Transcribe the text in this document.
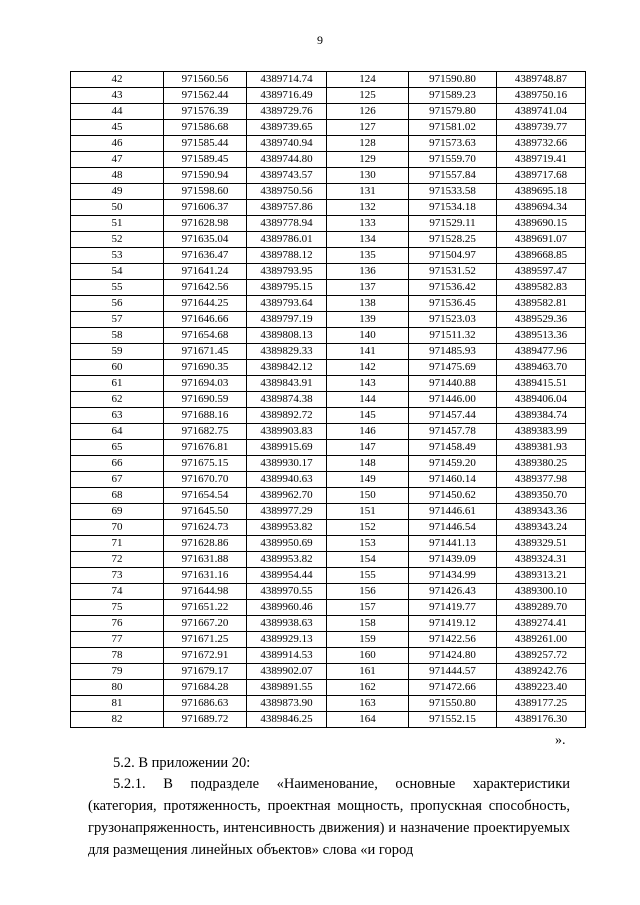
9
42	971560.56	4389714.74	124	971590.80	4389748.87
43	971562.44	4389716.49	125	971589.23	4389750.16
44	971576.39	4389729.76	126	971579.80	4389741.04
45	971586.68	4389739.65	127	971581.02	4389739.77
46	971585.44	4389740.94	128	971573.63	4389732.66
47	971589.45	4389744.80	129	971559.70	4389719.41
48	971590.94	4389743.57	130	971557.84	4389717.68
49	971598.60	4389750.56	131	971533.58	4389695.18
50	971606.37	4389757.86	132	971534.18	4389694.34
51	971628.98	4389778.94	133	971529.11	4389690.15
52	971635.04	4389786.01	134	971528.25	4389691.07
53	971636.47	4389788.12	135	971504.97	4389668.85
54	971641.24	4389793.95	136	971531.52	4389597.47
55	971642.56	4389795.15	137	971536.42	4389582.83
56	971644.25	4389793.64	138	971536.45	4389582.81
57	971646.66	4389797.19	139	971523.03	4389529.36
58	971654.68	4389808.13	140	971511.32	4389513.36
59	971671.45	4389829.33	141	971485.93	4389477.96
60	971690.35	4389842.12	142	971475.69	4389463.70
61	971694.03	4389843.91	143	971440.88	4389415.51
62	971690.59	4389874.38	144	971446.00	4389406.04
63	971688.16	4389892.72	145	971457.44	4389384.74
64	971682.75	4389903.83	146	971457.78	4389383.99
65	971676.81	4389915.69	147	971458.49	4389381.93
66	971675.15	4389930.17	148	971459.20	4389380.25
67	971670.70	4389940.63	149	971460.14	4389377.98
68	971654.54	4389962.70	150	971450.62	4389350.70
69	971645.50	4389977.29	151	971446.61	4389343.36
70	971624.73	4389953.82	152	971446.54	4389343.24
71	971628.86	4389950.69	153	971441.13	4389329.51
72	971631.88	4389953.82	154	971439.09	4389324.31
73	971631.16	4389954.44	155	971434.99	4389313.21
74	971644.98	4389970.55	156	971426.43	4389300.10
75	971651.22	4389960.46	157	971419.77	4389289.70
76	971667.20	4389938.63	158	971419.12	4389274.41
77	971671.25	4389929.13	159	971422.56	4389261.00
78	971672.91	4389914.53	160	971424.80	4389257.72
79	971679.17	4389902.07	161	971444.57	4389242.76
80	971684.28	4389891.55	162	971472.66	4389223.40
81	971686.63	4389873.90	163	971550.80	4389177.25
82	971689.72	4389846.25	164	971552.15	4389176.30
».
5.2. В приложении 20:
5.2.1. В подразделе «Наименование, основные характеристики (категория, протяженность, проектная мощность, пропускная способность, грузонапряженность, интенсивность движения) и назначение проектируемых для размещения линейных объектов» слова «и город
